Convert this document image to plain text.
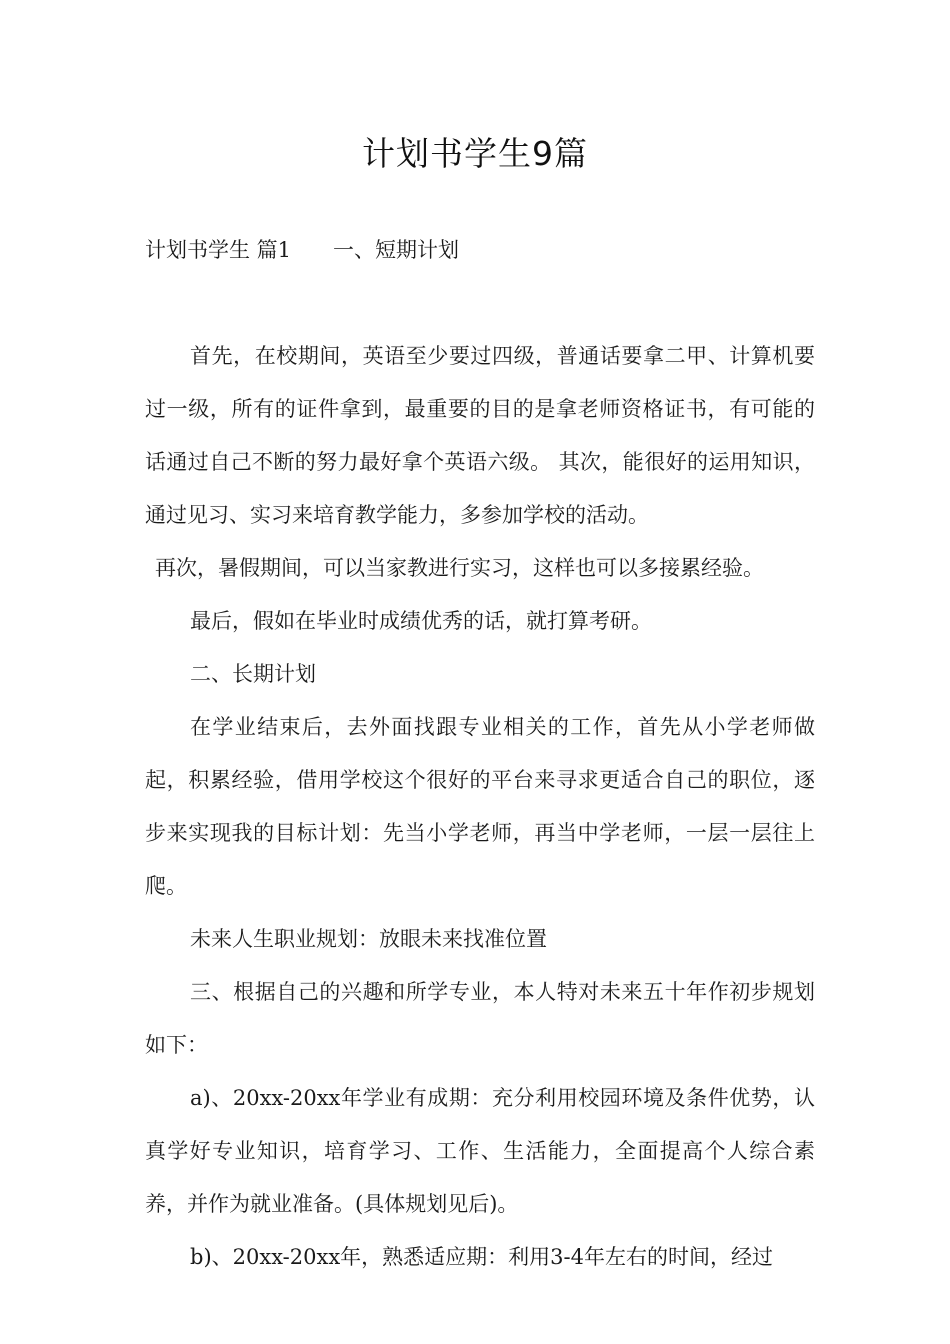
计划书学生9篇
计划书学生 篇1 一、短期计划

首先，在校期间，英语至少要过四级，普通话要拿二甲、计算机要过一级，所有的证件拿到，最重要的目的是拿老师资格证书，有可能的话通过自己不断的努力最好拿个英语六级。 其次，能很好的运用知识，通过见习、实习来培育教学能力，多参加学校的活动。

再次，暑假期间，可以当家教进行实习，这样也可以多接累经验。

最后，假如在毕业时成绩优秀的话，就打算考研。

二、长期计划

在学业结束后，去外面找跟专业相关的工作，首先从小学老师做起，积累经验，借用学校这个很好的平台来寻求更适合自己的职位，逐步来实现我的目标计划：先当小学老师，再当中学老师，一层一层往上爬。

未来人生职业规划：放眼未来找准位置

三、根据自己的兴趣和所学专业，本人特对未来五十年作初步规划如下：

a)、20xx-20xx年学业有成期：充分利用校园环境及条件优势，认真学好专业知识，培育学习、工作、生活能力，全面提高个人综合素养，并作为就业准备。(具体规划见后)。

b)、20xx-20xx年，熟悉适应期：利用3-4年左右的时间，经过
